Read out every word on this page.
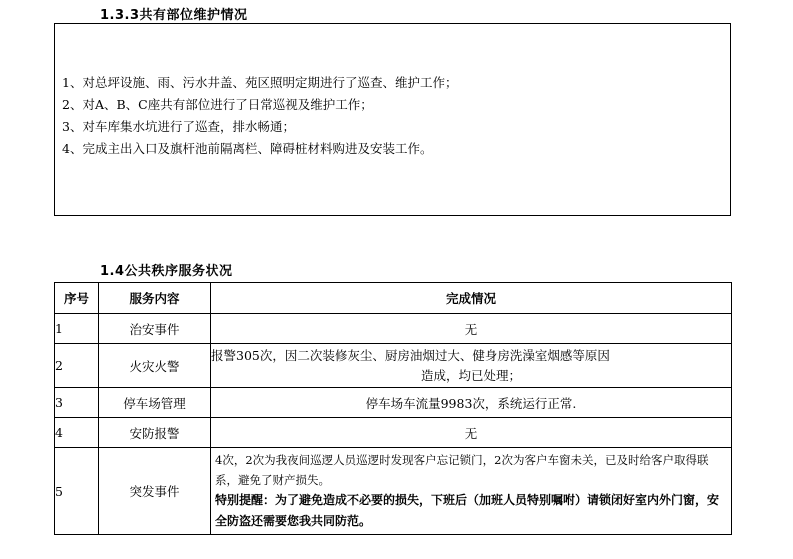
1.3.3共有部位维护情况
1、对总坪设施、雨、污水井盖、苑区照明定期进行了巡查、维护工作；
2、对A、B、C座共有部位进行了日常巡视及维护工作；
3、对车库集水坑进行了巡查，排水畅通；
4、完成主出入口及旗杆池前隔离栏、障碍桩材料购进及安装工作。
1.4公共秩序服务状况
序号	服务内容	完成情况
1	治安事件	无
2	火灾火警	报警305次，因二次装修灰尘、厨房油烟过大、健身房洗澡室烟感等原因
造成，均已处理；

3	停车场管理	停车场车流量9983次，系统运行正常.
4	安防报警	无
5	突发事件	4次，2次为我夜间巡逻人员巡逻时发现客户忘记锁门，2次为客户车窗未关，已及时给客户取得联系，避免了财产损失。
特别提醒：为了避免造成不必要的损失，下班后（加班人员特别嘱咐）请锁闭好室内外门窗，安全防盗还需要您我共同防范。
